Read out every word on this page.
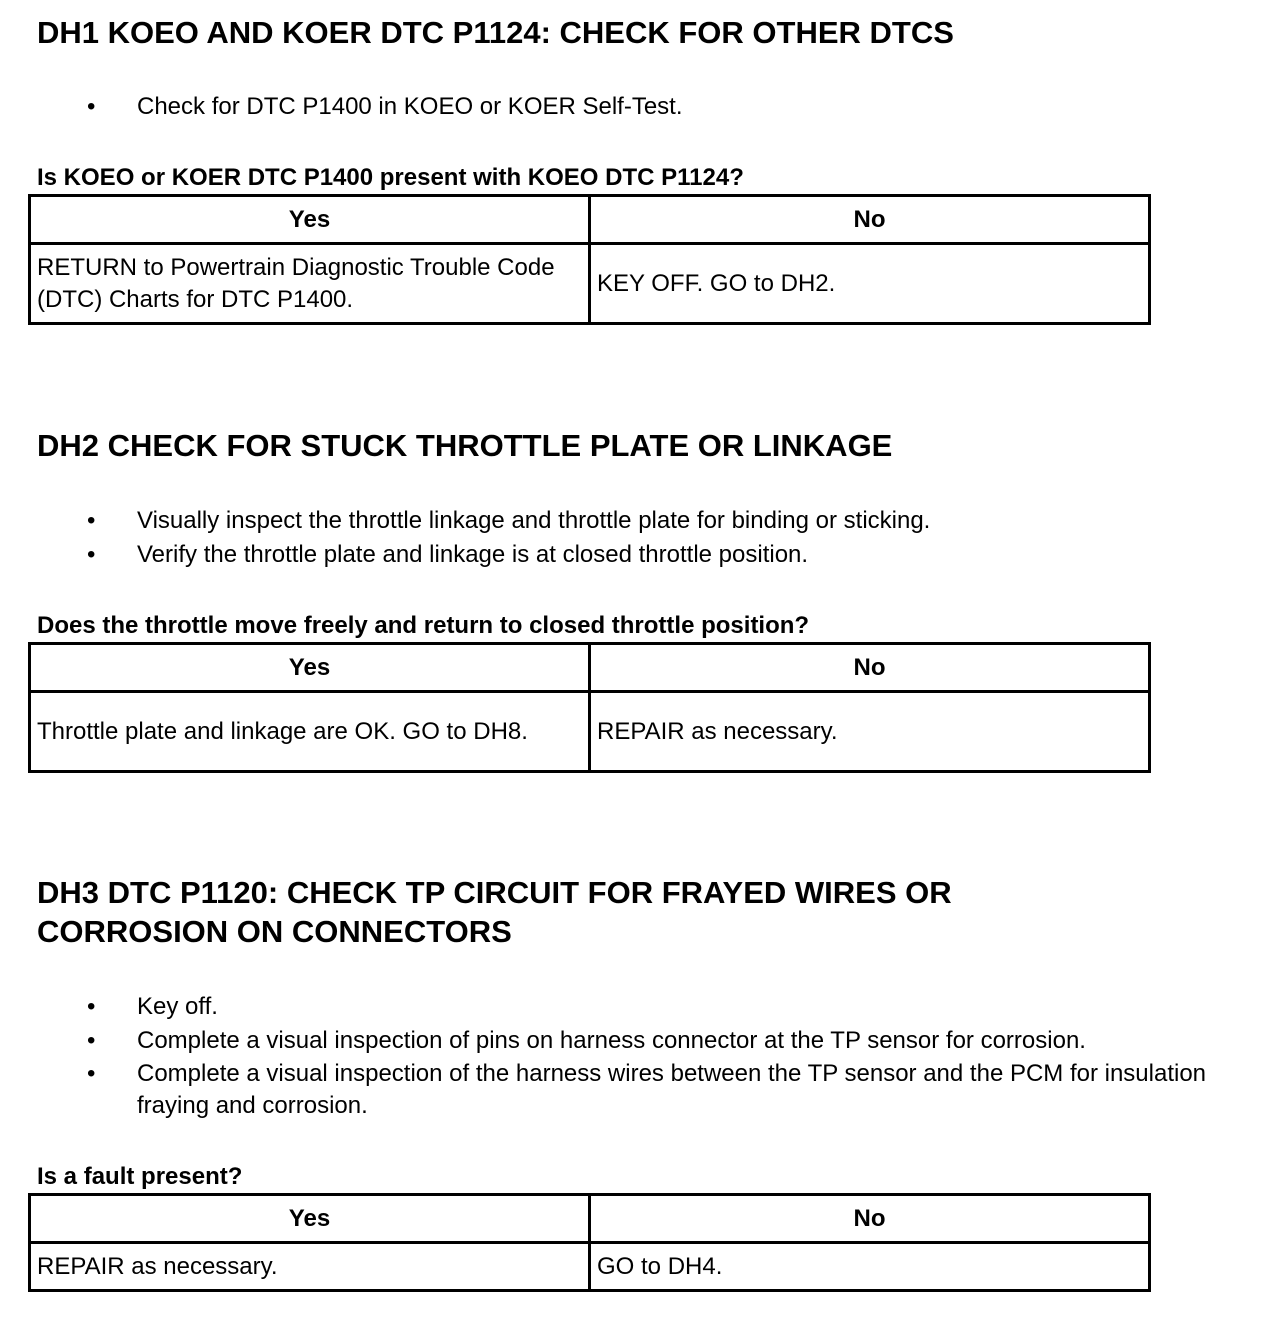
DH1 KOEO AND KOER DTC P1124: CHECK FOR OTHER DTCS
• Check for DTC P1400 in KOEO or KOER Self-Test.

Is KOEO or KOER DTC P1400 present with KOEO DTC P1124?

Yes	No
RETURN to Powertrain Diagnostic Trouble Code (DTC) Charts for DTC P1400.	KEY OFF. GO to DH2.
DH2 CHECK FOR STUCK THROTTLE PLATE OR LINKAGE
• Visually inspect the throttle linkage and throttle plate for binding or sticking.
• Verify the throttle plate and linkage is at closed throttle position.

Does the throttle move freely and return to closed throttle position?

Yes	No
Throttle plate and linkage are OK. GO to DH8.	REPAIR as necessary.
DH3 DTC P1120: CHECK TP CIRCUIT FOR FRAYED WIRES OR
CORROSION ON CONNECTORS
• Key off.
• Complete a visual inspection of pins on harness connector at the TP sensor for corrosion.
• Complete a visual inspection of the harness wires between the TP sensor and the PCM for insulation fraying and corrosion.

Is a fault present?

Yes	No
REPAIR as necessary.	GO to DH4.
